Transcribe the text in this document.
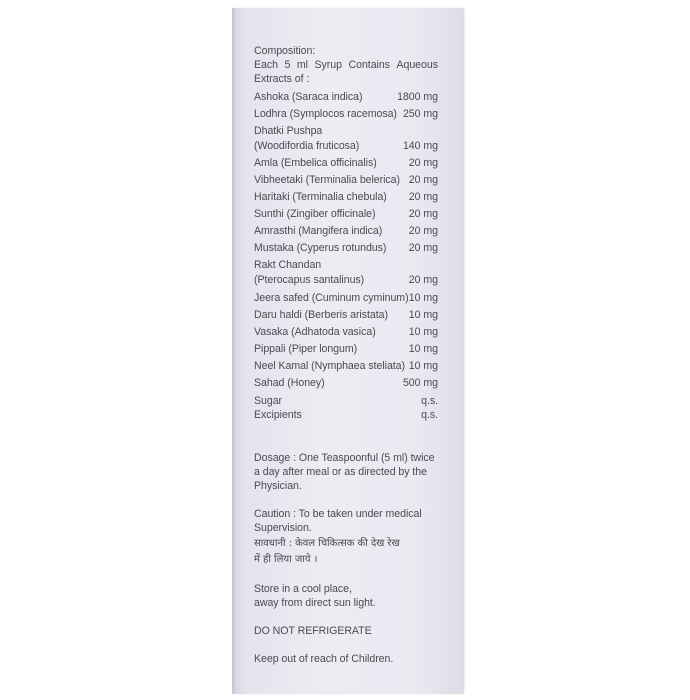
Composition:
Each 5 ml Syrup Contains Aqueous
Extracts of :
Ashoka (Saraca indica)	1800 mg
Lodhra (Symplocos racemosa) 250 mg
Dhatki Pushpa
(Woodifordia fruticosa)	140 mg
Amla (Embelica officinalis)	20 mg
Vibheetaki (Terminalia belerica) 20 mg
Haritaki (Terminalia chebula) 20 mg
Sunthi (Zingiber officinale)	20 mg
Amrasthi (Mangifera indica)	20 mg
Mustaka (Cyperus rotundus) 20 mg
Rakt Chandan
(Pterocapus santalinus)	20 mg
Jeera safed (Cuminum cyminum) 10 mg
Daru haldi (Berberis aristata) 10 mg
Vasaka (Adhatoda vasica)	10 mg
Pippali (Piper longum)	10 mg
Neel Kamal (Nymphaea steliata) 10 mg
Sahad (Honey)	500 mg
Sugar	q.s.
Excipients	q.s.
Dosage : One Teaspoonful (5 ml) twice
a day after meal or as directed by the
Physician.
Caution : To be taken under medical
Supervision.
सावधानी : केवल चिकित्सक की देख रेख
में ही लिया जाये ।
Store in a cool place,
away from direct sun light.
DO NOT REFRIGERATE
Keep out of reach of Children.
